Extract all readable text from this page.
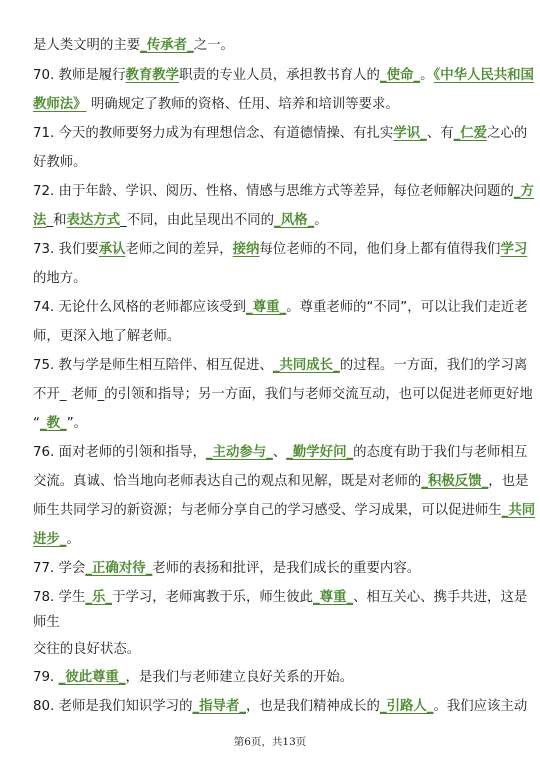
是人类文明的主要_传承者_之一。
70. 教师是履行教育教学职责的专业人员，承担教书育人的_使命_。《中华人民共和国
教师法》 明确规定了教师的资格、任用、培养和培训等要求。
71. 今天的教师要努力成为有理想信念、有道德情操、有扎实学识_、有_仁爱之心的
好教师。
72. 由于年龄、学识、阅历、性格、情感与思维方式等差异，每位老师解决问题的_方
法_和表达方式_不同，由此呈现出不同的_风格_。
73. 我们要承认老师之间的差异，接纳每位老师的不同，他们身上都有值得我们学习
的地方。
74. 无论什么风格的老师都应该受到_尊重_。尊重老师的“不同”，可以让我们走近老
师，更深入地了解老师。
75. 教与学是师生相互陪伴、相互促进、_共同成长_的过程。一方面，我们的学习离
不开_ 老师_的引领和指导；另一方面，我们与老师交流互动，也可以促进老师更好地
“_教_”。
76. 面对老师的引领和指导，_主动参与_、_勤学好问_的态度有助于我们与老师相互
交流。真诚、恰当地向老师表达自己的观点和见解，既是对老师的_积极反馈_，也是
师生共同学习的新资源；与老师分享自己的学习感受、学习成果，可以促进师生_共同
进步_。
77. 学会_正确对待_老师的表扬和批评，是我们成长的重要内容。
78. 学生_乐_于学习，老师寓教于乐，师生彼此_尊重_、相互关心、携手共进，这是
师生
交往的良好状态。
79. _彼此尊重_，是我们与老师建立良好关系的开始。
80. 老师是我们知识学习的_指导者_，也是我们精神成长的_引路人_。我们应该主动
第6页，共13页
